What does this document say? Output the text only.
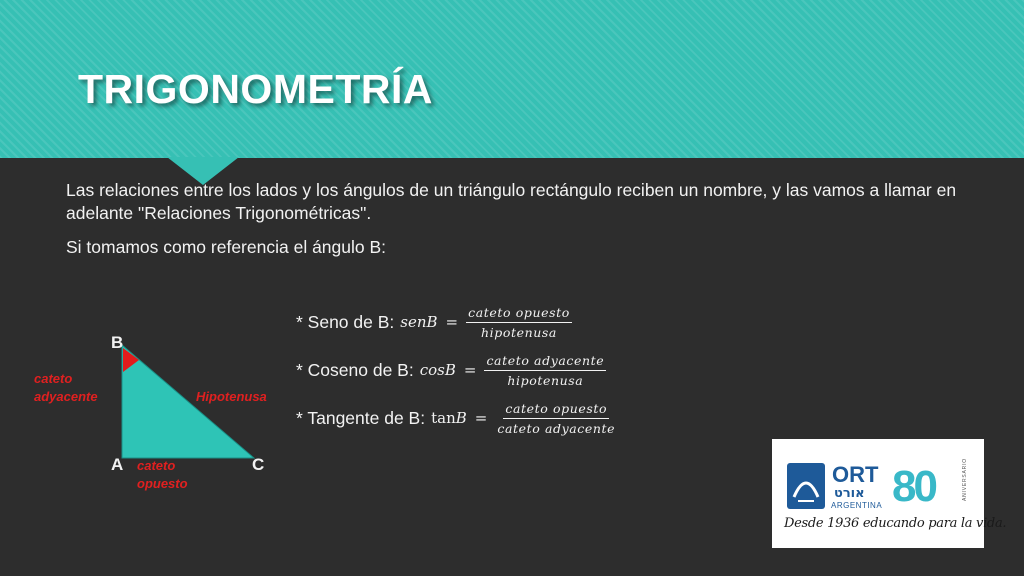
TRIGONOMETRÍA
Las relaciones entre los lados y los ángulos de un triángulo rectángulo reciben un nombre, y las vamos a llamar en adelante "Relaciones Trigonométricas".
Si tomamos como referencia el ángulo B:
* Seno de B: senB = $\frac{\text{cateto opuesto}}{\text{hipotenusa}}$
* Coseno de B: $\cos B = \frac{\text{cateto adyacente}}{\text{hipotenusa}}$
* Tangente de B: $\tan B = \frac{\text{cateto opuesto}}{\text{cateto adyacente}}$
B
A	C
cateto
adyacente	Hipotenusa
cateto
opuesto	ORT
אורט
ARGENTINA 80	ANIVERSARIO
Desde 1936 educando para la vida.
